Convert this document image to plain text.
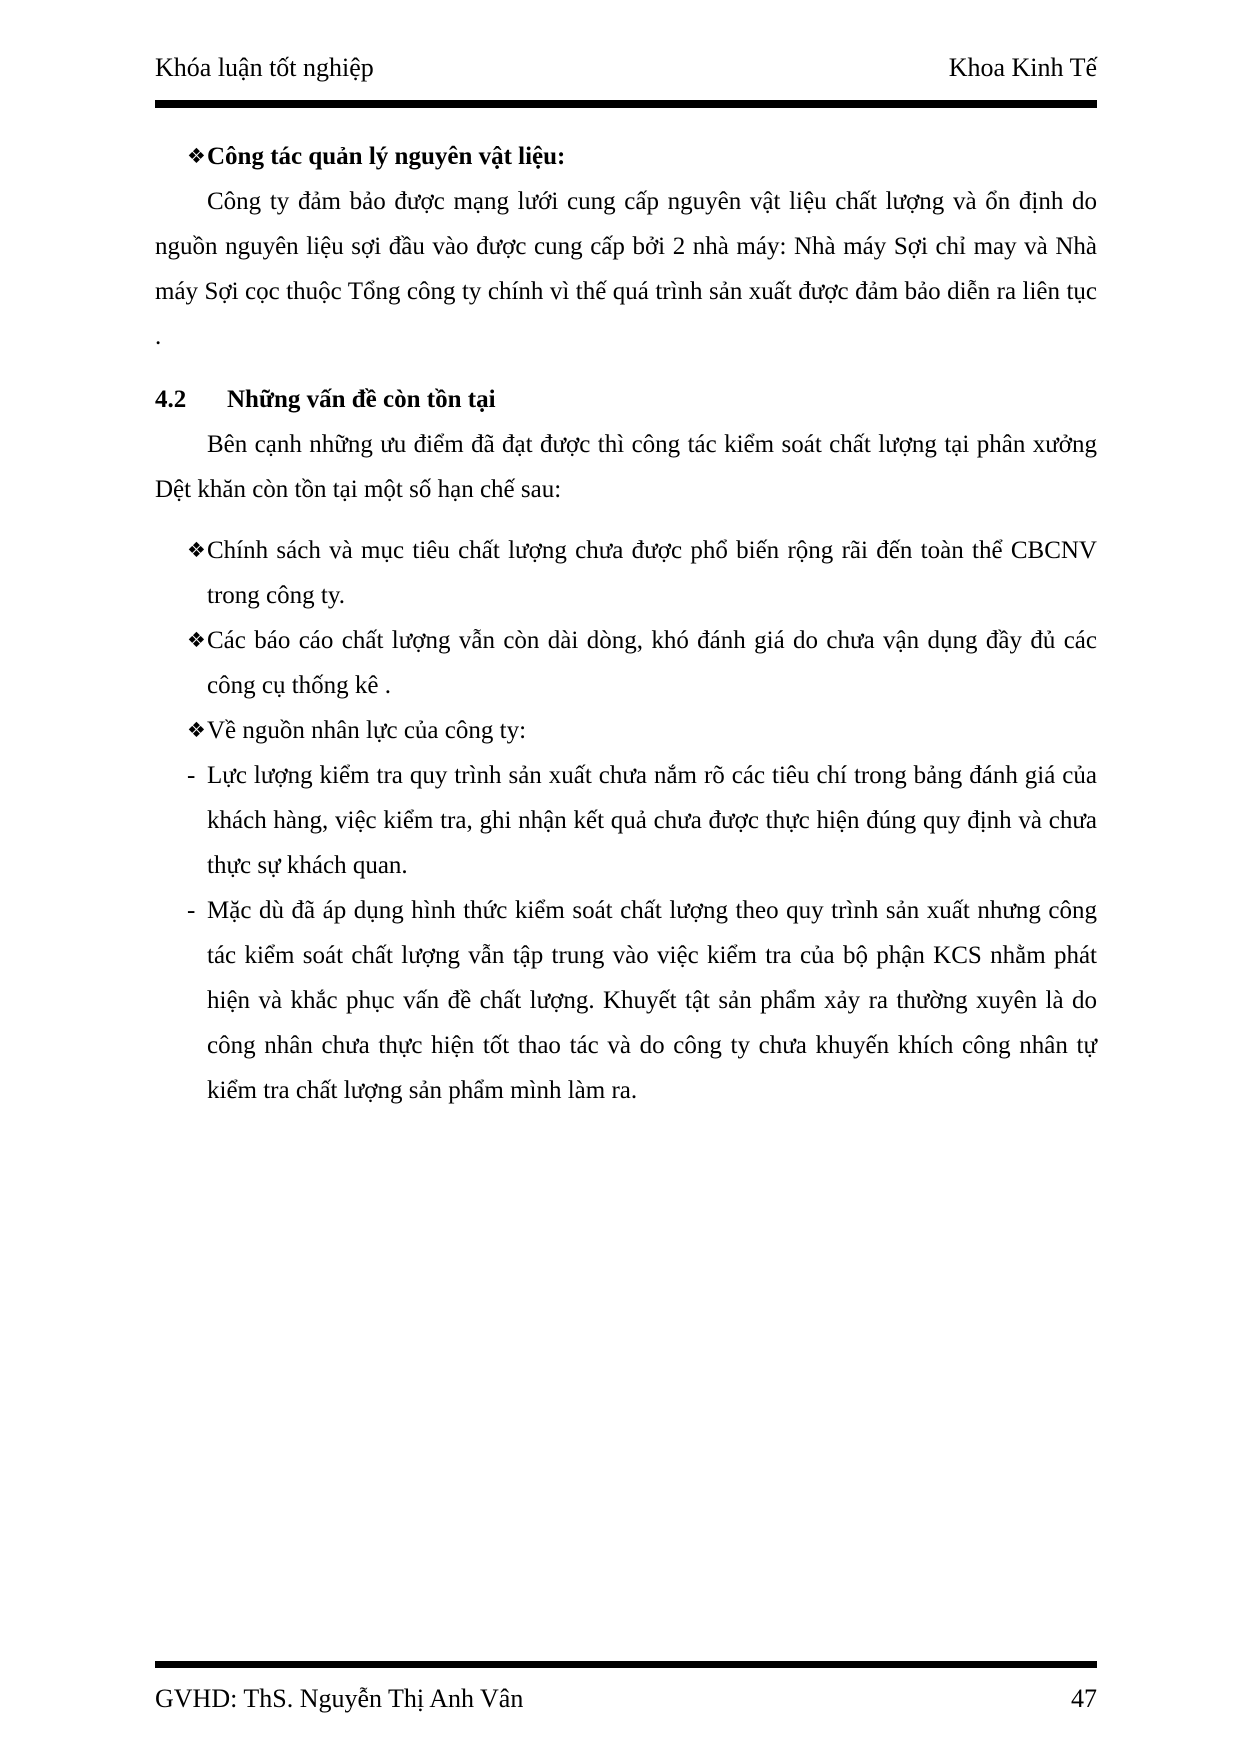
Khóa luận tốt nghiệp	Khoa Kinh Tế
❖ Công tác quản lý nguyên vật liệu:
Công ty đảm bảo được mạng lưới cung cấp nguyên vật liệu chất lượng và ổn định do nguồn nguyên liệu sợi đầu vào được cung cấp bởi 2 nhà máy: Nhà máy Sợi chỉ may và Nhà máy Sợi cọc thuộc Tổng công ty chính vì thế quá trình sản xuất được đảm bảo diễn ra liên tục .
4.2	Những vấn đề còn tồn tại
Bên cạnh những ưu điểm đã đạt được thì công tác kiểm soát chất lượng tại phân xưởng Dệt khăn còn tồn tại một số hạn chế sau:
❖ Chính sách và mục tiêu chất lượng chưa được phổ biến rộng rãi đến toàn thể CBCNV trong công ty.
❖ Các báo cáo chất lượng vẫn còn dài dòng, khó đánh giá do chưa vận dụng đầy đủ các công cụ thống kê .
❖ Về nguồn nhân lực của công ty:
- Lực lượng kiểm tra quy trình sản xuất chưa nắm rõ các tiêu chí trong bảng đánh giá của khách hàng, việc kiểm tra, ghi nhận kết quả chưa được thực hiện đúng quy định và chưa thực sự khách quan.
- Mặc dù đã áp dụng hình thức kiểm soát chất lượng theo quy trình sản xuất nhưng công tác kiểm soát chất lượng vẫn tập trung vào việc kiểm tra của bộ phận KCS nhằm phát hiện và khắc phục vấn đề chất lượng. Khuyết tật sản phẩm xảy ra thường xuyên là do công nhân chưa thực hiện tốt thao tác và do công ty chưa khuyến khích công nhân tự kiểm tra chất lượng sản phẩm mình làm ra.
GVHD: ThS. Nguyễn Thị Anh Vân	47
